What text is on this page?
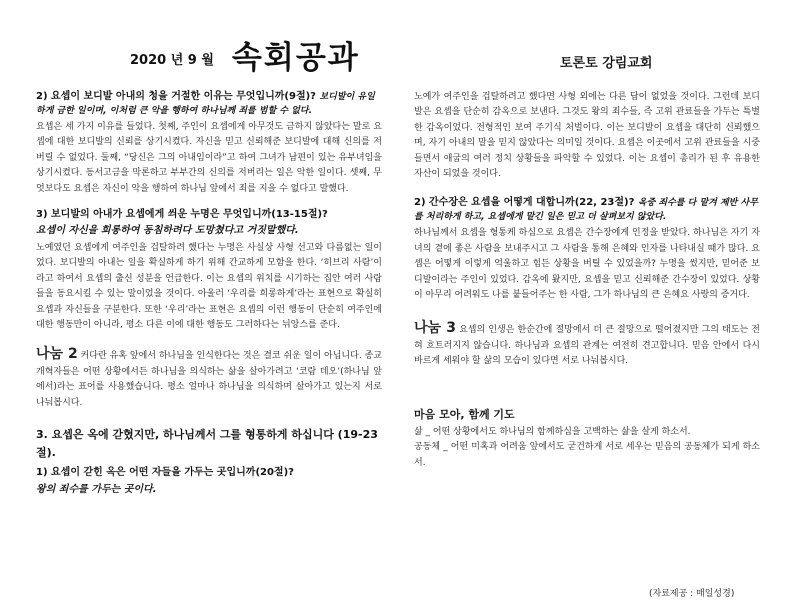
2020 년 9 월 속회공과	토론토 강림교회
2) 요셉이 보디발 아내의 청을 거절한 이유는 무엇입니까(9절)? 보디발이 유일하게 금한 일이며, 이처럼 큰 악을 행하여 하나님께 죄를 범할 수 없다.

요셉은 세 가지 이유를 들었다. 첫째, 주인이 요셉에게 아무것도 금하지 않았다는 말로 요셉에 대한 보디발의 신뢰를 상기시켰다. 자신을 믿고 신뢰해준 보디발에 대해 신의를 저버릴 수 없었다. 둘째, “당신은 그의 아내임이라”고 하여 그녀가 남편이 있는 유부녀임을 상기시켰다. 동서고금을 막론하고 부부간의 신의를 저버리는 일은 악한 일이다. 셋째, 무엇보다도 요셉은 자신이 악을 행하여 하나님 앞에서 죄를 지을 수 없다고 말했다.

3) 보디발의 아내가 요셉에게 씌운 누명은 무엇입니까(13-15절)?
요셉이 자신을 희롱하여 동침하려다 도망쳤다고 거짓말했다.

노예였던 요셉에게 여주인을 겁탈하려 했다는 누명은 사실상 사형 선고와 다름없는 일이었다. 보디발의 아내는 일을 확실하게 하기 위해 간교하게 모함을 한다. ‘히브리 사람’이라고 하여서 요셉의 출신 성분을 언급한다. 이는 요셉의 위치를 시기하는 집안 여러 사람들을 동요시킬 수 있는 말이었을 것이다. 아울러 ‘우리를 희롱하게’라는 표현으로 확실히 요셉과 자신들을 구분한다. 또한 ‘우리’라는 표현은 요셉의 이런 행동이 단순히 여주인에 대한 행동만이 아니라, 평소 다른 이에 대한 행동도 그러하다는 뉘앙스를 준다.

나눔 2 커다란 유혹 앞에서 하나님을 인식한다는 것은 결코 쉬운 일이 아닙니다. 종교개혁자들은 어떤 상황에서든 하나님을 의식하는 삶을 살아가려고 ‘코람 데오’(하나님 앞에서)라는 표어를 사용했습니다. 평소 얼마나 하나님을 의식하며 살아가고 있는지 서로 나눠봅시다.

3. 요셉은 옥에 갇혔지만, 하나님께서 그를 형통하게 하십니다 (19-23절).
1) 요셉이 갇힌 옥은 어떤 자들을 가두는 곳입니까(20절)?
왕의 죄수를 가두는 곳이다.

노예가 여주인을 겁탈하려고 했다면 사형 외에는 다른 답이 없었을 것이다. 그런데 보디발은 요셉을 단순히 감옥으로 보낸다. 그것도 왕의 죄수들, 즉 고위 관료들을 가두는 특별한 감옥이었다. 전형적인 보여 주기식 처벌이다. 이는 보디발이 요셉을 대단히 신뢰했으며, 자기 아내의 말을 믿지 않았다는 의미일 것이다. 요셉은 이곳에서 고위 관료들을 시중들면서 애굽의 여러 정치 상황들을 파악할 수 있었다. 이는 요셉이 총리가 된 후 유용한 자산이 되었을 것이다.

2) 간수장은 요셉을 어떻게 대합니까(22, 23절)? 옥중 죄수를 다 맡겨 제반 사무를 처리하게 하고, 요셉에게 맡긴 일은 믿고 더 살펴보지 않았다.

하나님께서 요셉을 형통케 하심으로 요셉은 간수장에게 인정을 받았다. 하나님은 자기 자녀의 곁에 좋은 사람을 보내주시고 그 사람을 통해 은혜와 인자를 나타내실 때가 많다. 요셉은 어떻게 이렇게 억울하고 힘든 상황을 버틸 수 있었을까? 누명을 썼지만, 믿어준 보디발이라는 주인이 있었다. 감옥에 왔지만, 요셉을 믿고 신뢰해준 간수장이 있었다. 상황이 아무리 어려워도 나를 붙들어주는 한 사람, 그가 하나님의 큰 은혜요 사랑의 증거다.

나눔 3 요셉의 인생은 한순간에 절망에서 더 큰 절망으로 떨어졌지만 그의 태도는 전혀 흐트러지지 않습니다. 하나님과 요셉의 관계는 여전히 견고합니다. 믿음 안에서 다시 바르게 세워야 할 삶의 모습이 있다면 서로 나눠봅시다.

마음 모아, 함께 기도

삶 _ 어떤 상황에서도 하나님의 함께하심을 고백하는 삶을 살게 하소서.

공동체 _ 어떤 미혹과 어려움 앞에서도 굳건하게 서로 세우는 믿음의 공동체가 되게 하소서.

(자료제공 : 매일성경)
